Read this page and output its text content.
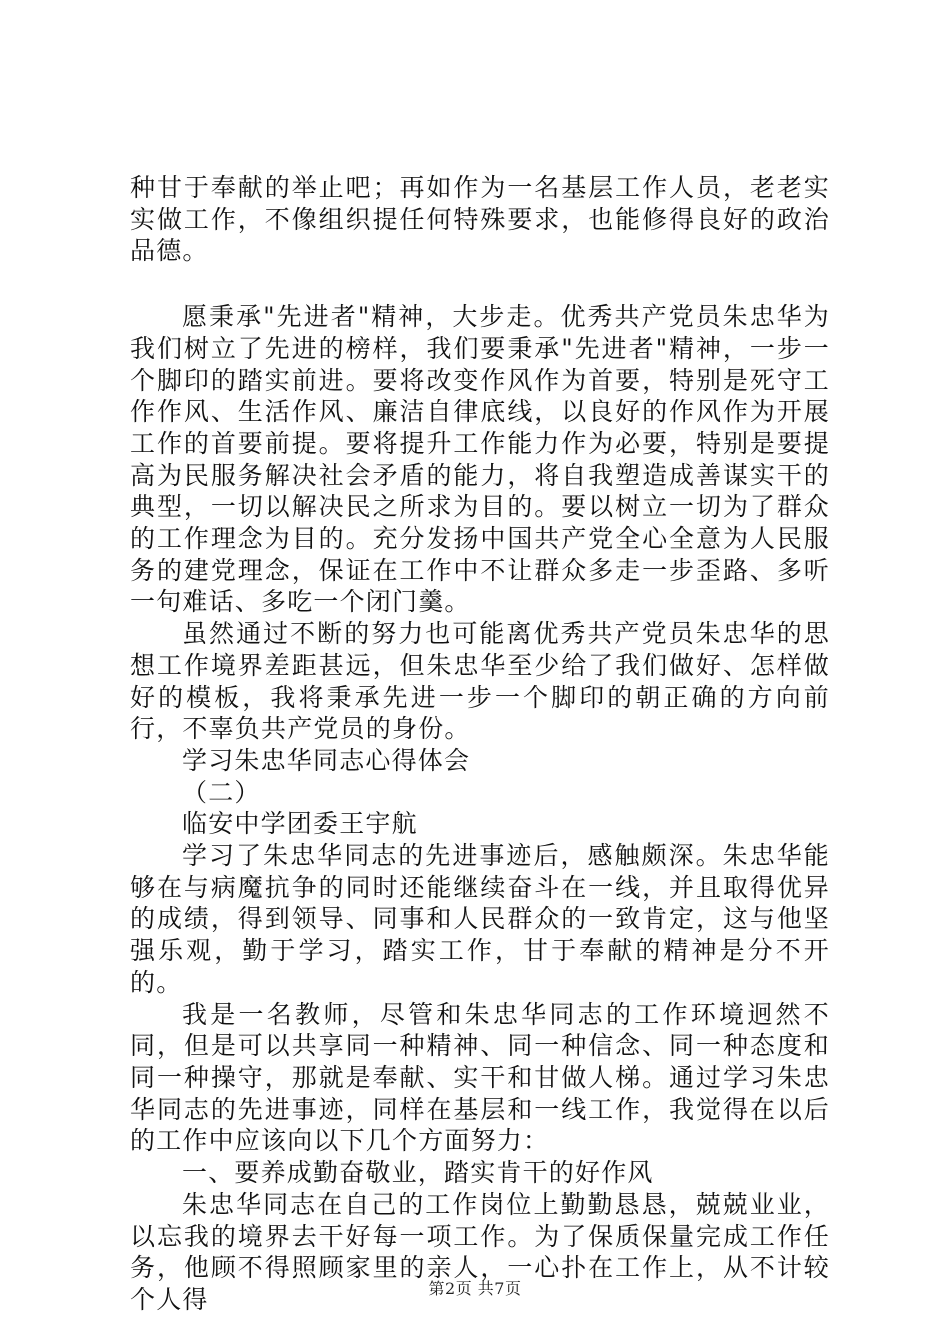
种甘于奉献的举止吧；再如作为一名基层工作人员，老老实实做工作，不像组织提任何特殊要求，也能修得良好的政治品德。

愿秉承"先进者"精神，大步走。优秀共产党员朱忠华为我们树立了先进的榜样，我们要秉承"先进者"精神，一步一个脚印的踏实前进。要将改变作风作为首要，特别是死守工作作风、生活作风、廉洁自律底线，以良好的作风作为开展工作的首要前提。要将提升工作能力作为必要，特别是要提高为民服务解决社会矛盾的能力，将自我塑造成善谋实干的典型，一切以解决民之所求为目的。要以树立一切为了群众的工作理念为目的。充分发扬中国共产党全心全意为人民服务的建党理念，保证在工作中不让群众多走一步歪路、多听一句难话、多吃一个闭门羹。

虽然通过不断的努力也可能离优秀共产党员朱忠华的思想工作境界差距甚远，但朱忠华至少给了我们做好、怎样做好的模板，我将秉承先进一步一个脚印的朝正确的方向前行，不辜负共产党员的身份。

学习朱忠华同志心得体会

（二）

临安中学团委王宇航

学习了朱忠华同志的先进事迹后，感触颇深。朱忠华能够在与病魔抗争的同时还能继续奋斗在一线，并且取得优异的成绩，得到领导、同事和人民群众的一致肯定，这与他坚强乐观，勤于学习，踏实工作，甘于奉献的精神是分不开的。

我是一名教师，尽管和朱忠华同志的工作环境迥然不同，但是可以共享同一种精神、同一种信念、同一种态度和同一种操守，那就是奉献、实干和甘做人梯。通过学习朱忠华同志的先进事迹，同样在基层和一线工作，我觉得在以后的工作中应该向以下几个方面努力：

一、要养成勤奋敬业，踏实肯干的好作风

朱忠华同志在自己的工作岗位上勤勤恳恳，兢兢业业，以忘我的境界去干好每一项工作。为了保质保量完成工作任务，他顾不得照顾家里的亲人，一心扑在工作上，从不计较个人得	第2页 共7页
